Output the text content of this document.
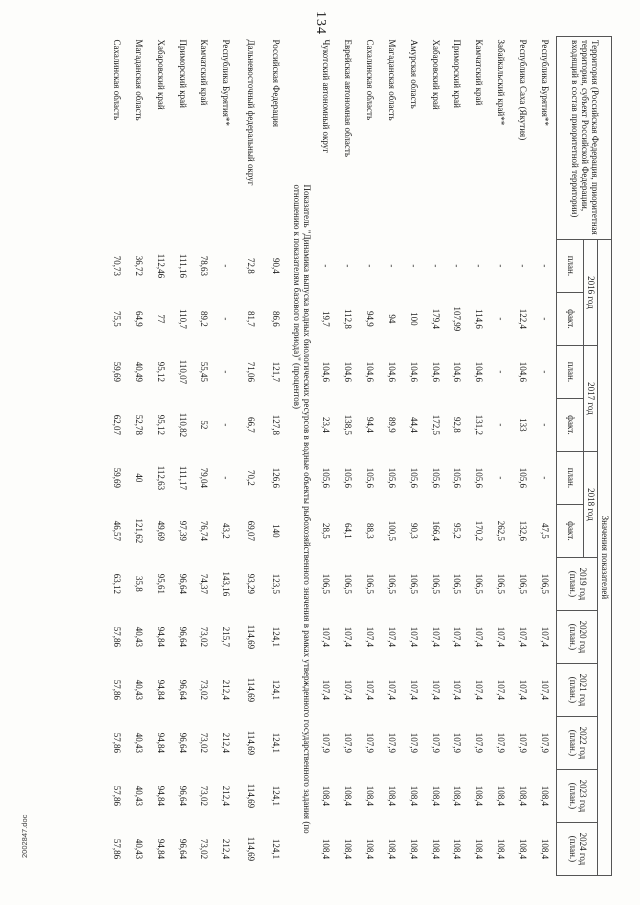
134
Территория (Российская Федерация, приоритетная территория, субъект Российской Федерации, входящий в состав приоритетной территории)	Значения показателей											
	2016 год		2017 год		2018 год		2019 год (план.)	2020 год (план.)	2021 год (план.)	2022 год (план.)	2023 год (план.)	2024 год (план.)
	план.	факт.	план.	факт.	план.	факт.						
Республика Бурятия**	-	-	-	-	-	47,5	106,5	107,4	107,4	107,9	108,4	108,4
Республика Саха (Якутия)	-	122,4	104,6	133	105,6	132,6	106,5	107,4	107,4	107,9	108,4	108,4
Забайкальский край**	-	-	-	-	-	262,5	106,5	107,4	107,4	107,9	108,4	108,4
Камчатский край	-	114,6	104,6	131,2	105,6	170,2	106,5	107,4	107,4	107,9	108,4	108,4
Приморский край	-	107,99	104,6	92,8	105,6	95,2	106,5	107,4	107,4	107,9	108,4	108,4
Хабаровский край	-	179,4	104,6	172,5	105,6	166,4	106,5	107,4	107,4	107,9	108,4	108,4
Амурская область	-	100	104,6	44,4	105,6	90,3	106,5	107,4	107,4	107,9	108,4	108,4
Магаданская область	-	94	104,6	89,9	105,6	100,5	106,5	107,4	107,4	107,9	108,4	108,4
Сахалинская область	-	94,9	104,6	94,4	105,6	88,3	106,5	107,4	107,4	107,9	108,4	108,4
Еврейская автономная область	-	112,8	104,6	138,5	105,6	64,1	106,5	107,4	107,4	107,9	108,4	108,4
Чукотский автономный округ	-	19,7	104,6	23,4	105,6	28,5	106,5	107,4	107,4	107,9	108,4	108,4
Показатель "Динамика выпуска водных биологических ресурсов в водные объекты рыбохозяйственного значения в рамках утвержденного государственного задания (по отношению к показателям базового периода)" (процентов)												
Российская Федерация	90,4	86,6	121,7	127,8	126,6	140	123,5	124,1	124,1	124,1	124,1	124,1
Дальневосточный федеральный округ	72,8	81,7	71,06	66,7	70,2	69,07	93,29	114,69	114,69	114,69	114,69	114,69
Республика Бурятия**	-	-	-	-	-	43,2	143,16	215,7	212,4	212,4	212,4	212,4
Камчатский край	78,63	89,2	55,45	52	79,04	76,74	74,37	73,02	73,02	73,02	73,02	73,02
Приморский край	111,16	110,7	110,07	110,82	111,17	97,39	96,64	96,64	96,64	96,64	96,64	96,64
Хабаровский край	112,46	77	95,12	95,12	112,63	49,69	95,61	94,84	94,84	94,84	94,84	94,84
Магаданская область	36,72	64,9	40,49	52,78	40	121,62	35,8	40,43	40,43	40,43	40,43	40,43
Сахалинская область	70,73	75,5	59,69	62,07	59,69	46,57	63,12	57,86	57,86	57,86	57,86	57,86
2002847.doc
